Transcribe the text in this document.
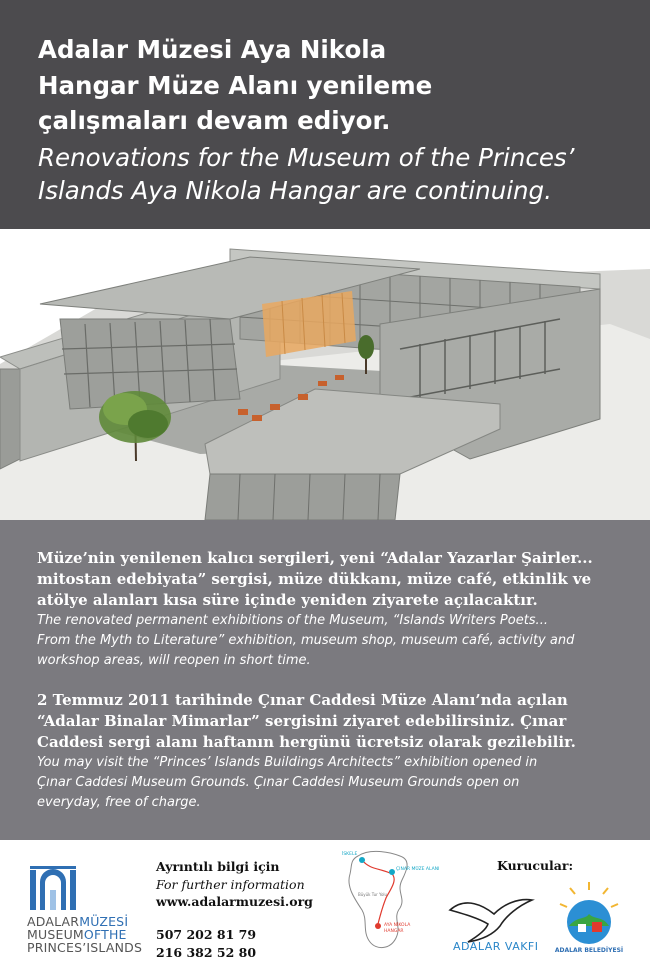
Adalar Müzesi Aya Nikola
Hangar Müze Alanı yenileme
çalışmaları devam ediyor.
Renovations for the Museum of the Princes’
Islands Aya Nikola Hangar are continuing.
Müze’nin yenilenen kalıcı sergileri, yeni “Adalar Yazarlar Şairler...
mitostan edebiyata” sergisi, müze dükkanı, müze café, etkinlik ve
atölye alanları kısa süre içinde yeniden ziyarete açılacaktır.
The renovated permanent exhibitions of the Museum, “Islands Writers Poets...
From the Myth to Literature” exhibition, museum shop, museum café, activity and
workshop areas, will reopen in short time.
2 Temmuz 2011 tarihinde Çınar Caddesi Müze Alanı’nda açılan
“Adalar Binalar Mimarlar” sergisini ziyaret edebilirsiniz. Çınar
Caddesi sergi alanı haftanın hergünü ücretsiz olarak gezilebilir.
You may visit the “Princes’ Islands Buildings Architects” exhibition opened in
Çınar Caddesi Museum Grounds. Çınar Caddesi Museum Grounds open on
everyday, free of charge.
ADALARMÜZESİ
MUSEUMOFTHE
PRINCES’ISLANDS
Ayrıntılı bilgi için
For further information
www.adalarmuzesi.org
507 202 81 79
216 382 52 80
İSKELE
ÇINAR MÜZE ALANI
Büyük Tur Yolu
AYA NİKOLA
HANGAR
Kurucular:
ADALAR VAKFI	ADALAR BELEDİYESİ
